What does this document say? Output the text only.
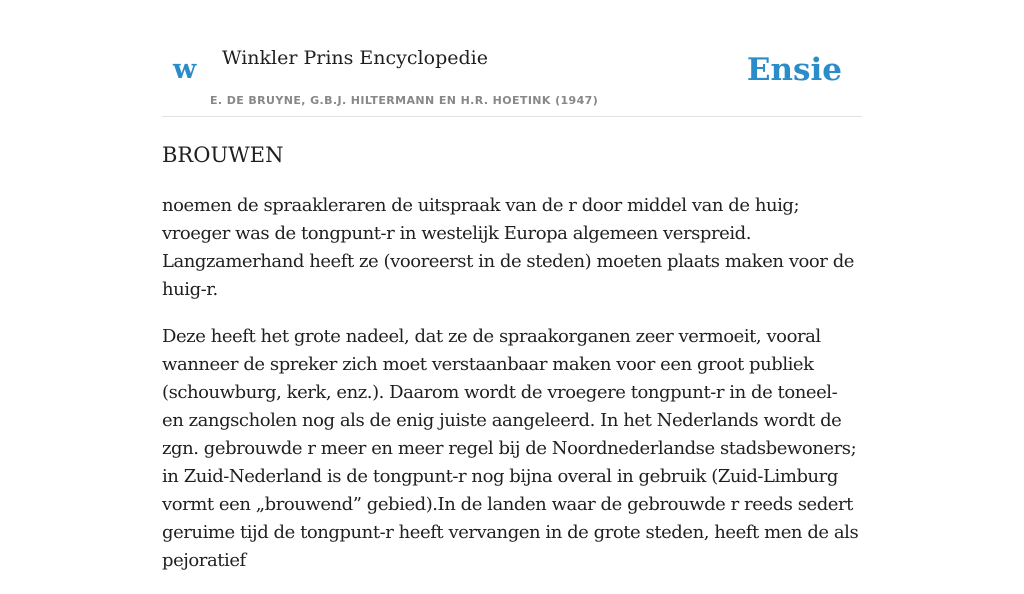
w Winkler Prins Encyclopedie
E. DE BRUYNE, G.B.J. HILTERMANN EN H.R. HOETINK (1947)
Ensie
BROUWEN

noemen de spraakleraren de uitspraak van de r door middel van de huig; vroeger was de tongpunt-r in westelijk Europa algemeen verspreid. Langzamerhand heeft ze (vooreerst in de steden) moeten plaats maken voor de huig-r.

Deze heeft het grote nadeel, dat ze de spraakorganen zeer vermoeit, vooral wanneer de spreker zich moet verstaanbaar maken voor een groot publiek (schouwburg, kerk, enz.). Daarom wordt de vroegere tongpunt-r in de toneel- en zangscholen nog als de enig juiste aangeleerd. In het Nederlands wordt de zgn. gebrouwde r meer en meer regel bij de Noordnederlandse stadsbewoners; in Zuid-Nederland is de tongpunt-r nog bijna overal in gebruik (Zuid-Limburg vormt een „brouwend” gebied).In de landen waar de gebrouwde r reeds sedert geruime tijd de tongpunt-r heeft vervangen in de grote steden, heeft men de als pejoratief
